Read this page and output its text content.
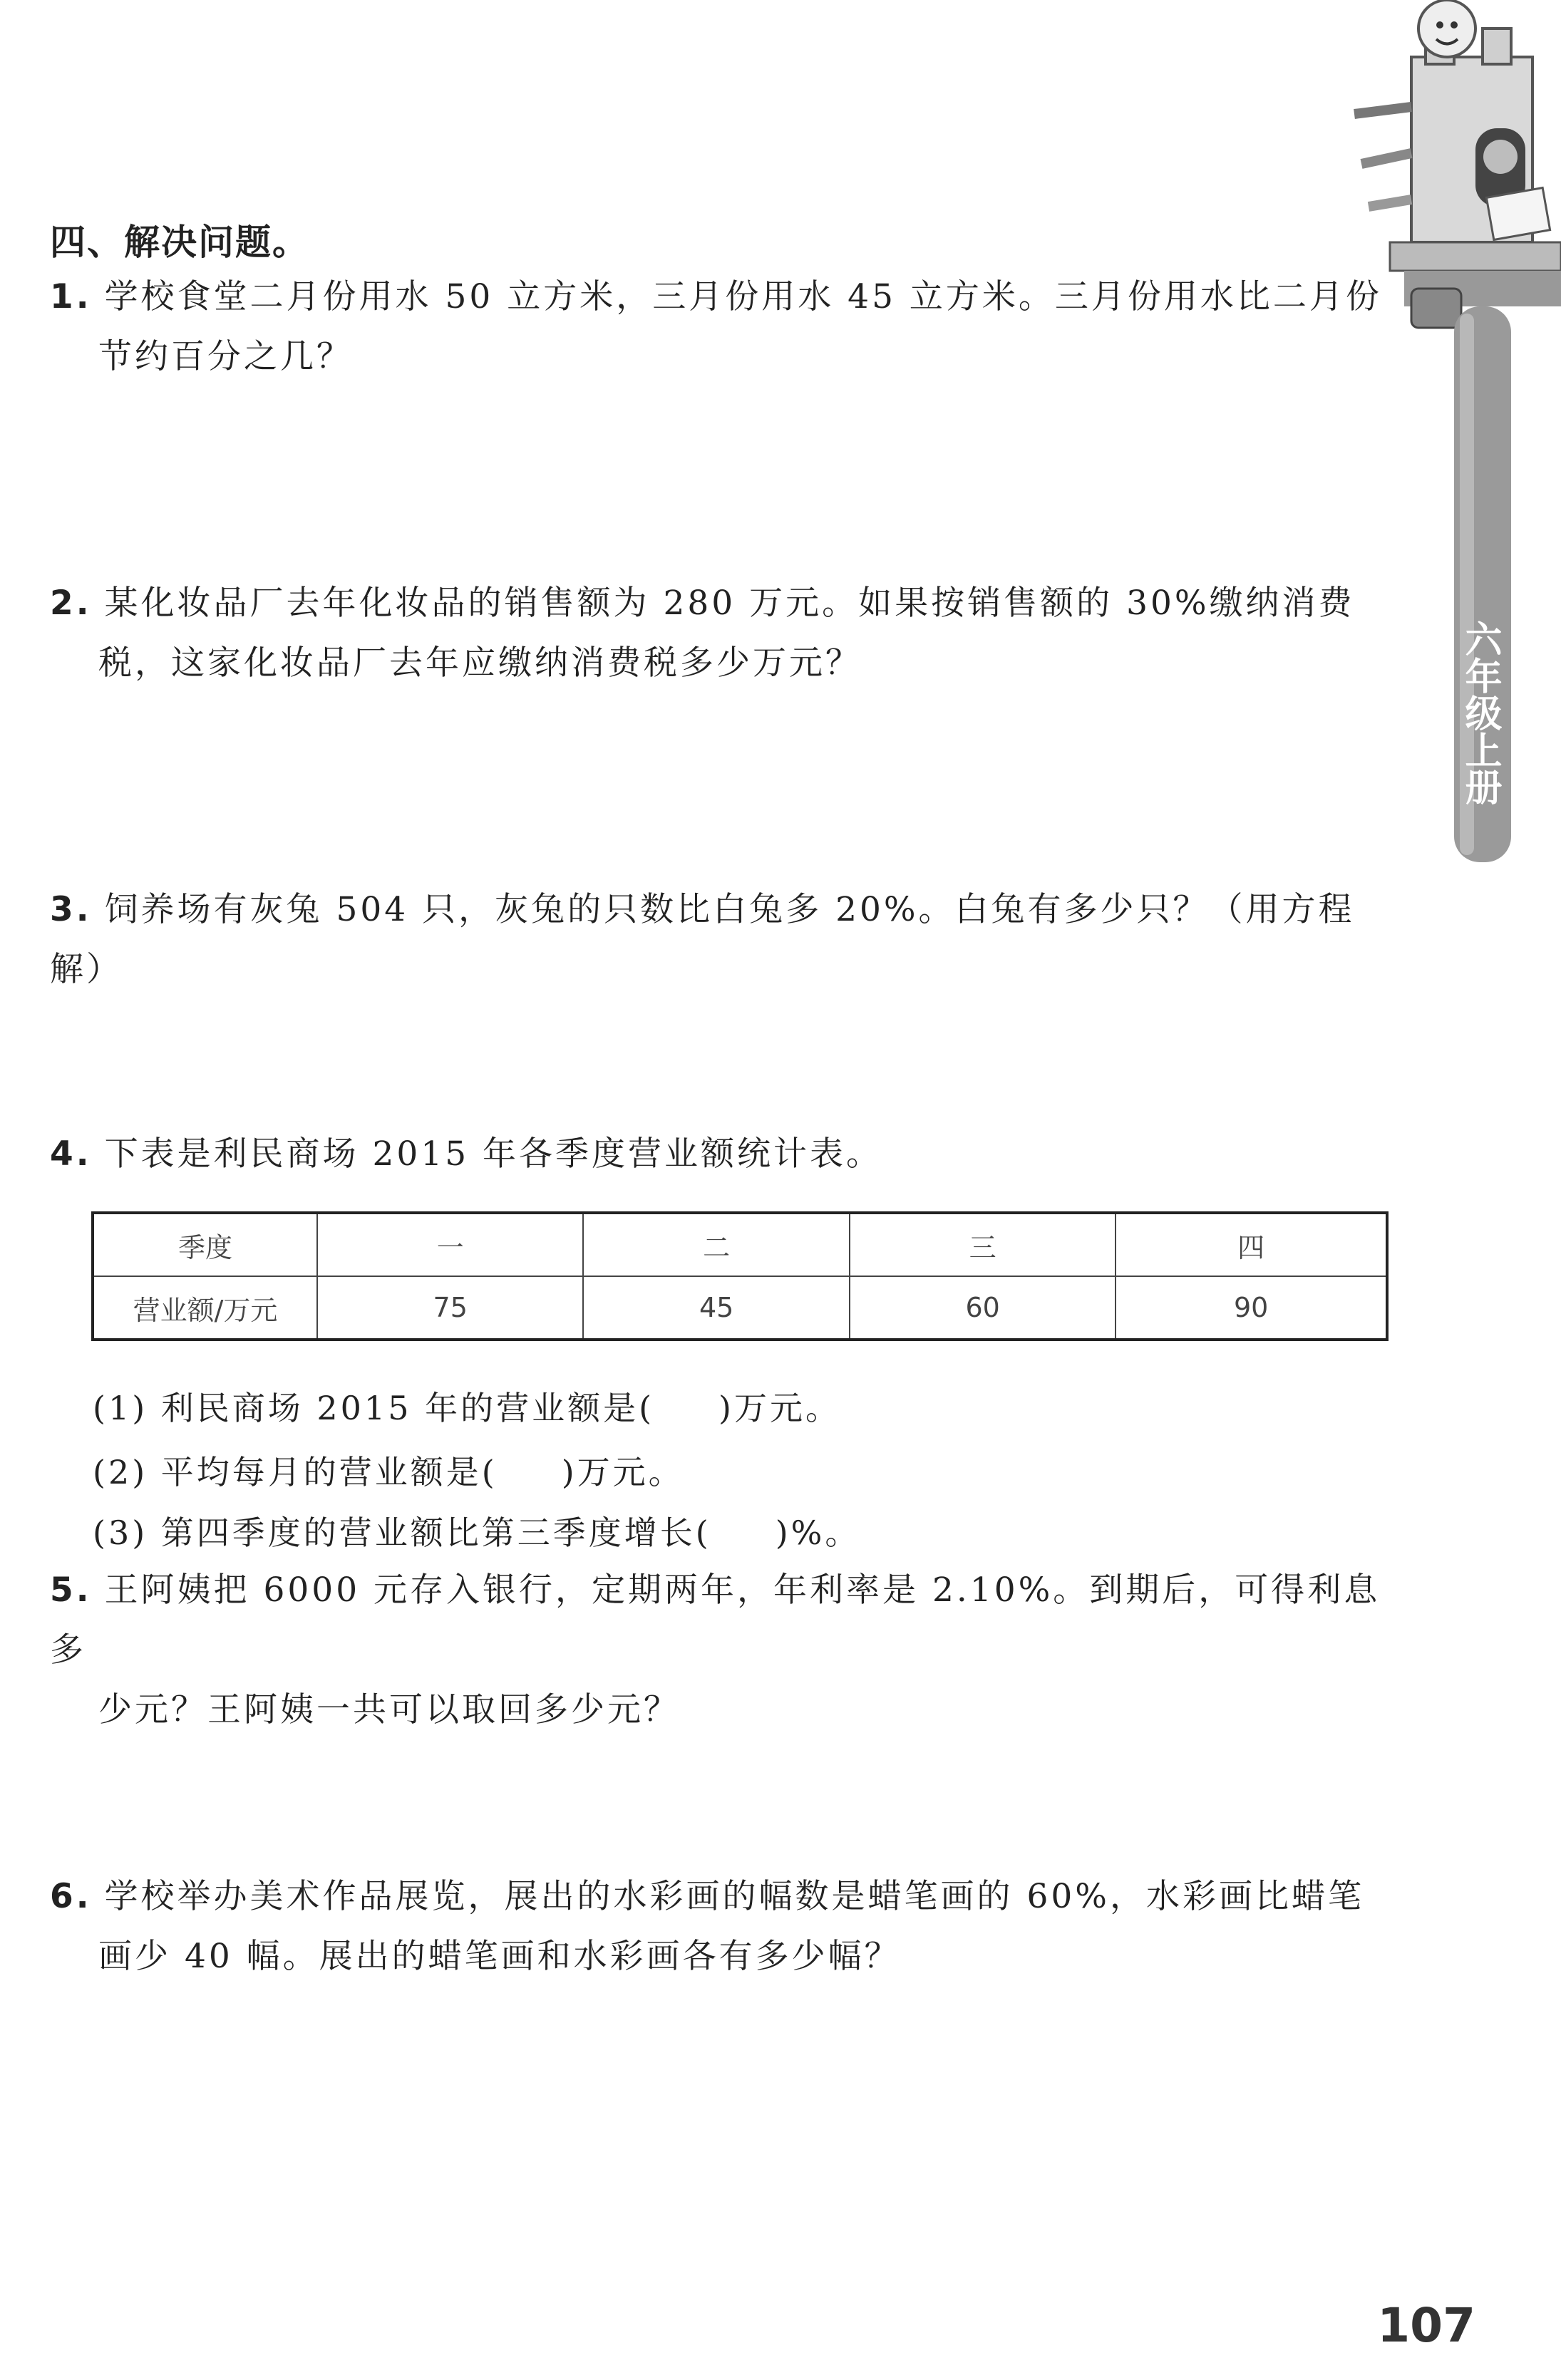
六年级上册
四、解决问题。
1. 学校食堂二月份用水 50 立方米，三月份用水 45 立方米。三月份用水比二月份
节约百分之几？
2. 某化妆品厂去年化妆品的销售额为 280 万元。如果按销售额的 30%缴纳消费
税，这家化妆品厂去年应缴纳消费税多少万元？
3. 饲养场有灰兔 504 只，灰兔的只数比白兔多 20%。白兔有多少只？（用方程解）
4. 下表是利民商场 2015 年各季度营业额统计表。
季度	一	二	三	四
营业额/万元	75	45	60	90
(1) 利民商场 2015 年的营业额是( )万元。
(2) 平均每月的营业额是( )万元。
(3) 第四季度的营业额比第三季度增长( )%。
5. 王阿姨把 6000 元存入银行，定期两年，年利率是 2.10%。到期后，可得利息多
少元？王阿姨一共可以取回多少元？
6. 学校举办美术作品展览，展出的水彩画的幅数是蜡笔画的 60%，水彩画比蜡笔
画少 40 幅。展出的蜡笔画和水彩画各有多少幅？
107
